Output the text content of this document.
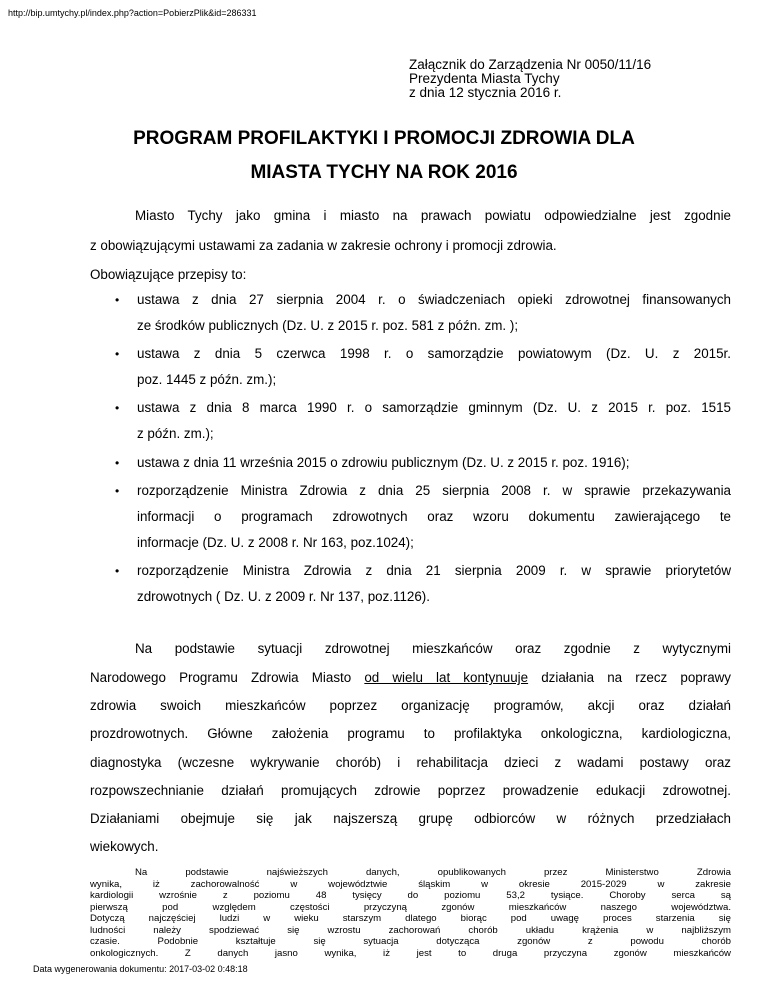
http://bip.umtychy.pl/index.php?action=PobierzPlik&id=286331
Załącznik do Zarządzenia Nr 0050/11/16
Prezydenta Miasta Tychy
z dnia 12 stycznia 2016 r.
PROGRAM PROFILAKTYKI I PROMOCJI ZDROWIA DLA
MIASTA TYCHY NA ROK 2016
Miasto Tychy jako gmina i miasto na prawach powiatu odpowiedzialne jest zgodnie
z obowiązującymi ustawami za zadania w zakresie ochrony i promocji zdrowia.
Obowiązujące przepisy to:
• ustawa z dnia 27 sierpnia 2004 r. o świadczeniach opieki zdrowotnej finansowanych
ze środków publicznych (Dz. U. z 2015 r. poz. 581 z późn. zm. );
• ustawa z dnia 5 czerwca 1998 r. o samorządzie powiatowym (Dz. U. z 2015r.
poz. 1445 z późn. zm.);
• ustawa z dnia 8 marca 1990 r. o samorządzie gminnym (Dz. U. z 2015 r. poz. 1515
z późn. zm.);
• ustawa z dnia 11 września 2015 o zdrowiu publicznym (Dz. U. z 2015 r. poz. 1916);
• rozporządzenie Ministra Zdrowia z dnia 25 sierpnia 2008 r. w sprawie przekazywania
informacji o programach zdrowotnych oraz wzoru dokumentu zawierającego te
informacje (Dz. U. z 2008 r. Nr 163, poz.1024);
• rozporządzenie Ministra Zdrowia z dnia 21 sierpnia 2009 r. w sprawie priorytetów
zdrowotnych ( Dz. U. z 2009 r. Nr 137, poz.1126).
Na podstawie sytuacji zdrowotnej mieszkańców oraz zgodnie z wytycznymi
Narodowego Programu Zdrowia Miasto od wielu lat kontynuuje działania na rzecz poprawy
zdrowia swoich mieszkańców poprzez organizację programów, akcji oraz działań
prozdrowotnych. Główne założenia programu to profilaktyka onkologiczna, kardiologiczna,
diagnostyka (wczesne wykrywanie chorób) i rehabilitacja dzieci z wadami postawy oraz
rozpowszechnianie działań promujących zdrowie poprzez prowadzenie edukacji zdrowotnej.
Działaniami obejmuje się jak najszerszą grupę odbiorców w różnych przedziałach
wiekowych.
Na podstawie najświeższych danych, opublikowanych przez Ministerstwo Zdrowia
wynika, iż zachorowalność w województwie śląskim w okresie 2015-2029 w zakresie
kardiologii wzrośnie z poziomu 48 tysięcy do poziomu 53,2 tysiące. Choroby serca są
pierwszą pod względem częstości przyczyną zgonów mieszkańców naszego województwa.
Dotyczą najczęściej ludzi w wieku starszym dlatego biorąc pod uwagę proces starzenia się
ludności należy spodziewać się wzrostu zachorowań chorób układu krążenia w najbliższym
czasie. Podobnie kształtuje się sytuacja dotycząca zgonów z powodu chorób
onkologicznych. Z danych jasno wynika, iż jest to druga przyczyna zgonów mieszkańców
Data wygenerowania dokumentu: 2017-03-02 0:48:18
